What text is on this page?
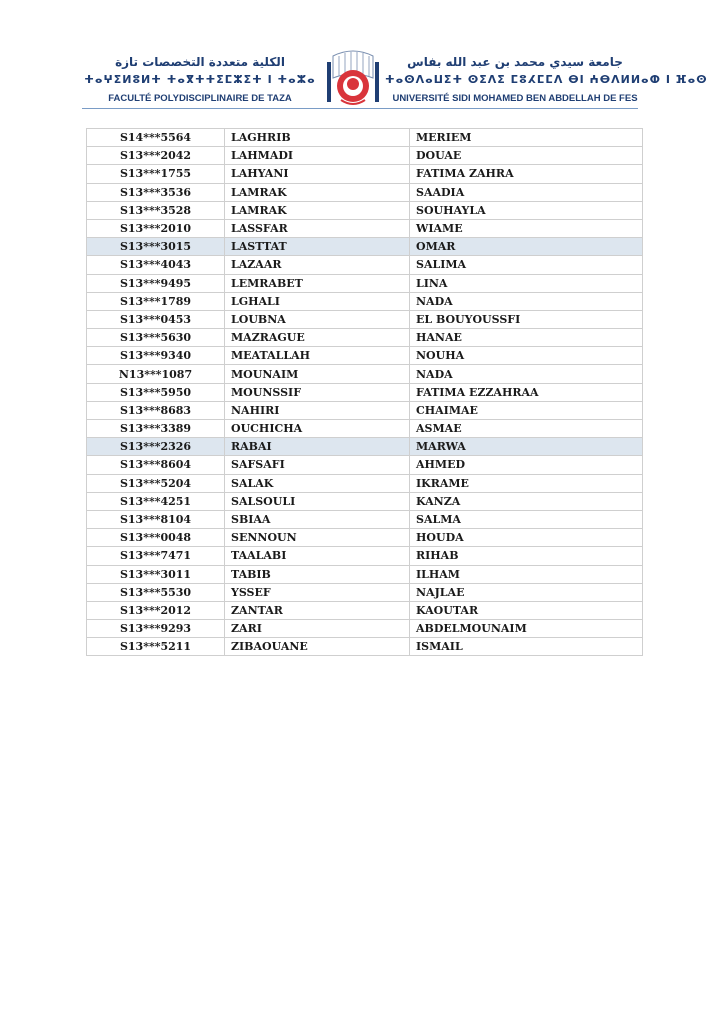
الكلية متعددة التخصصات تازة
ⵜⴰⵖⵉⵍⵓⵍⵜ ⵜⴰⴳⵜⵜⵉⵎⵣⵉⵜ ⵏ ⵜⴰⵣⴰ
FACULTÉ POLYDISCIPLINAIRE DE TAZA
جامعة سيدي محمد بن عبد الله بفاس
ⵜⴰⵙⴷⴰⵡⵉⵜ ⵙⵉⴷⵉ ⵎⵓⵃⵎⵎⴷ ⴱⵏ ⵄⴱⴷⵍⵍⴰⵀ ⵏ ⴼⴰⵙ
UNIVERSITÉ SIDI MOHAMED BEN ABDELLAH DE FES
S14***5564	LAGHRIB	MERIEM
S13***2042	LAHMADI	DOUAE
S13***1755	LAHYANI	FATIMA ZAHRA
S13***3536	LAMRAK	SAADIA
S13***3528	LAMRAK	SOUHAYLA
S13***2010	LASSFAR	WIAME
S13***3015	LASTTAT	OMAR
S13***4043	LAZAAR	SALIMA
S13***9495	LEMRABET	LINA
S13***1789	LGHALI	NADA
S13***0453	LOUBNA	EL BOUYOUSSFI
S13***5630	MAZRAGUE	HANAE
S13***9340	MEATALLAH	NOUHA
N13***1087	MOUNAIM	NADA
S13***5950	MOUNSSIF	FATIMA EZZAHRAA
S13***8683	NAHIRI	CHAIMAE
S13***3389	OUCHICHA	ASMAE
S13***2326	RABAI	MARWA
S13***8604	SAFSAFI	AHMED
S13***5204	SALAK	IKRAME
S13***4251	SALSOULI	KANZA
S13***8104	SBIAA	SALMA
S13***0048	SENNOUN	HOUDA
S13***7471	TAALABI	RIHAB
S13***3011	TABIB	ILHAM
S13***5530	YSSEF	NAJLAE
S13***2012	ZANTAR	KAOUTAR
S13***9293	ZARI	ABDELMOUNAIM
S13***5211	ZIBAOUANE	ISMAIL
